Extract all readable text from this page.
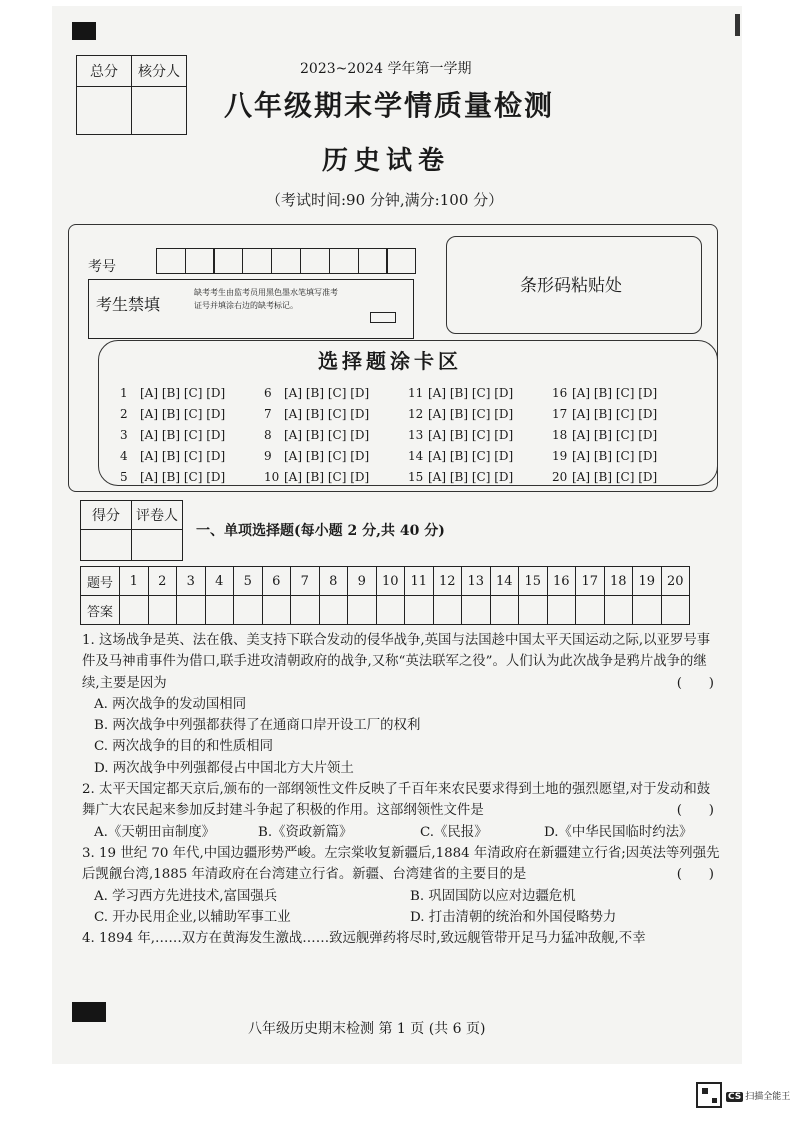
总分	核分人
		2023~2024 学年第一学期
八年级期末学情质量检测
历史试卷
（考试时间:90 分钟,满分:100 分）
考号
考生禁填
缺考考生由监考员用黑色墨水笔填写准考证号并填涂右边的缺考标记。
条形码粘贴处
选择题涂卡区
1 [A] [B] [C] [D]
2 [A] [B] [C] [D]
3 [A] [B] [C] [D]
4 [A] [B] [C] [D]
5 [A] [B] [C] [D]
6 [A] [B] [C] [D]
7 [A] [B] [C] [D]
8 [A] [B] [C] [D]
9 [A] [B] [C] [D]
10 [A] [B] [C] [D]
11 [A] [B] [C] [D]
12 [A] [B] [C] [D]
13 [A] [B] [C] [D]
14 [A] [B] [C] [D]
15 [A] [B] [C] [D]
16 [A] [B] [C] [D]
17 [A] [B] [C] [D]
18 [A] [B] [C] [D]
19 [A] [B] [C] [D]
20 [A] [B] [C] [D]
得分	评卷人

一、单项选择题(每小题 2 分,共 40 分)
题号	1	2	3	4	5	6	7	8	9	10	11	12	13	14	15	16	17	18	19	20
答案																				

1. 这场战争是英、法在俄、美支持下联合发动的侵华战争,英国与法国趁中国太平天国运动之际,以亚罗号事件及马神甫事件为借口,联手进攻清朝政府的战争,又称“英法联军之役”。人们认为此次战争是鸦片战争的继续,主要是因为	(　　)

A. 两次战争的发动国相同

B. 两次战争中列强都获得了在通商口岸开设工厂的权利

C. 两次战争的目的和性质相同

D. 两次战争中列强都侵占中国北方大片领土

2. 太平天国定都天京后,颁布的一部纲领性文件反映了千百年来农民要求得到土地的强烈愿望,对于发动和鼓舞广大农民起来参加反封建斗争起了积极的作用。这部纲领性文件是	(　　)

A.《天朝田亩制度》	B.《资政新篇》	C.《民报》	D.《中华民国临时约法》

3. 19 世纪 70 年代,中国边疆形势严峻。左宗棠收复新疆后,1884 年清政府在新疆建立行省;因英法等列强先后觊觎台湾,1885 年清政府在台湾建立行省。新疆、台湾建省的主要目的是	(　　)

A. 学习西方先进技术,富国强兵	B. 巩固国防以应对边疆危机
C. 开办民用企业,以辅助军事工业	D. 打击清朝的统治和外国侵略势力

4. 1894 年,……双方在黄海发生激战……致远舰弹药将尽时,致远舰管带开足马力猛冲敌舰,不幸

八年级历史期末检测 第 1 页 (共 6 页)
CS 扫描全能王
